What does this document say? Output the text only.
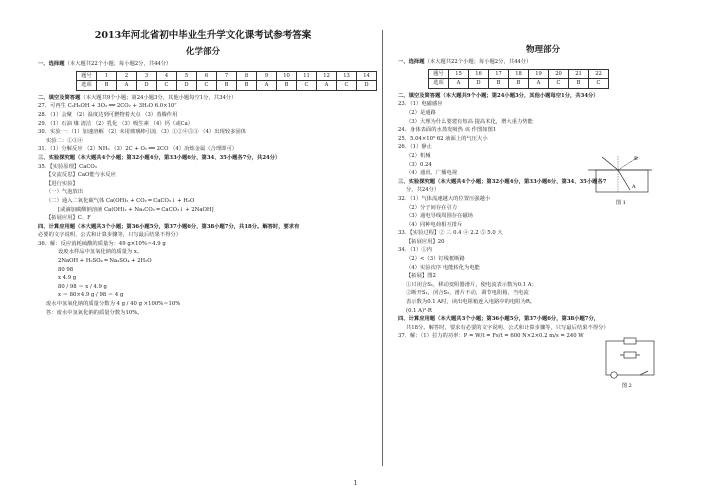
2013年河北省初中毕业生升学文化课考试参考答案
化学部分
一、选择题（本大题共22个小题；每小题2分，共44分）
题号	1	2	3	4	5	6	7	8	9	10	11	12	13	14
选项	B	A	D	C	D	C	B	B	A	B	C	A	C	D
二、填空及简答题（本大题共9个小题；第24小题3分，其他小题每空1分，共34分）
27．可再生 C₂H₅OH + 3O₂ ══ 2CO₂ + 3H₂O 6.0×10⁷
28．（1）会聚 （2）温度达到可燃物着火点 （3）蒸腾作用
29．（1）石油 煤 清洁 （2）乳化 （3）吸生素 （4）钙（或Ca）
30．实验一：（1）加速溶解 （2）未用玻璃棒引流 （3）①②④⑤③ （4）出现较多固体
实验二：①③④
31．（1）分解反应 （2）NH₃ （3）2C + O₂ ══ 2CO （4）冶炼金属（合理即可）
三、实验探究题（本大题共4个小题；第32小题4分，第33小题6分，第34、35小题各7分，共24分）
35．【实验原理】CaCO₃
【交流反思】CaO能与水反应
【进行实验】
（一）气泡放出
（二）通入二氧化碳气体 Ca(OH)₂ + CO₂ ═ CaCO₃↓ + H₂O
[或滴加碳酸钠溶液 Ca(OH)₂ + Na₂CO₃ ═ CaCO₃↓ + 2NaOH]
【拓展应用】C、F
四、计算应用题（本大题共3个小题；第36小题5分，第37小题6分，第38小题7分，共18分。解答时，要求有
必要的文字说明、公式和计算步骤等，只写最后结果不得分）
36．解：反应消耗硫酸的质量为：49 g×10%＝4.9 g
设废水样品中氢氧化钠的质量为 x。
2NaOH + H₂SO₄ ═ Na₂SO₄ + 2H₂O
80 98
x 4.9 g
80 / 98 ＝ x / 4.9 g
x ＝ 80×4.9 g / 98 ＝ 4 g
废水中氢氧化钠的质量分数为 4 g / 40 g ×100%＝10%
答：废水中氢氧化钠的质量分数为10%。
物理部分
一、选择题（本大题共22个小题；每小题2分，共44分）
题号	15	16	17	18	19	20	21	22
选项	A	D	B	B	A	C	B	C
二、填空及简答题（本大题共9个小题；第24小题3分，其他小题每空1分，共34分）
23．（1）电磁感应
（2）是通路
（3）大理为什么要建有短高 提高术化，增大重力势能
24．身体表面的水蒸发吸热 该 作图如图1
25．5.04×10⁵ 62 液面上的气压大小
26．（1）静止
（2）机械
（3）0.24
（4）通讯、广播电视
三、实验探究题（本大题共4个小题；第32小题4分，第33小题6分，第34、35小题各7
分，共24分）
32．（1）气体流速越大的位置压强越小
（2）分子间存在引力
（3）通电导线周围存在磁场
（4）同种电荷相互排斥
33．【实验过程】② 三 0.4 ④ 2.2 ⑤ 5.0 大
【拓展应用】20
34．（1）①内
（2）<（3）钉线框断路
（4）实验次序 电能转化为电能
【拓展】图2
①只闭合S₁，移动变阻器滑片，使电流表示数为0.1 A；
②断开S₁，闭合S₂，滑片不动，调节电阻箱，当电流
表示数为0.1 A时，读出电阻箱连入电路中的电阻为R。
(0.1 A)²·R
四、计算应用题（本大题共3个小题；第36小题5分，第37小题6分，第38小题7分，
共18分。解答时，要求有必要的文字说明、公式和计算步骤等，只写最后结果不得分）
37．解：（1）拉力的功率：P = W/t = Fs/t = 600 N×2×0.2 m/s = 240 W
B
A
图 1
图 2
1
